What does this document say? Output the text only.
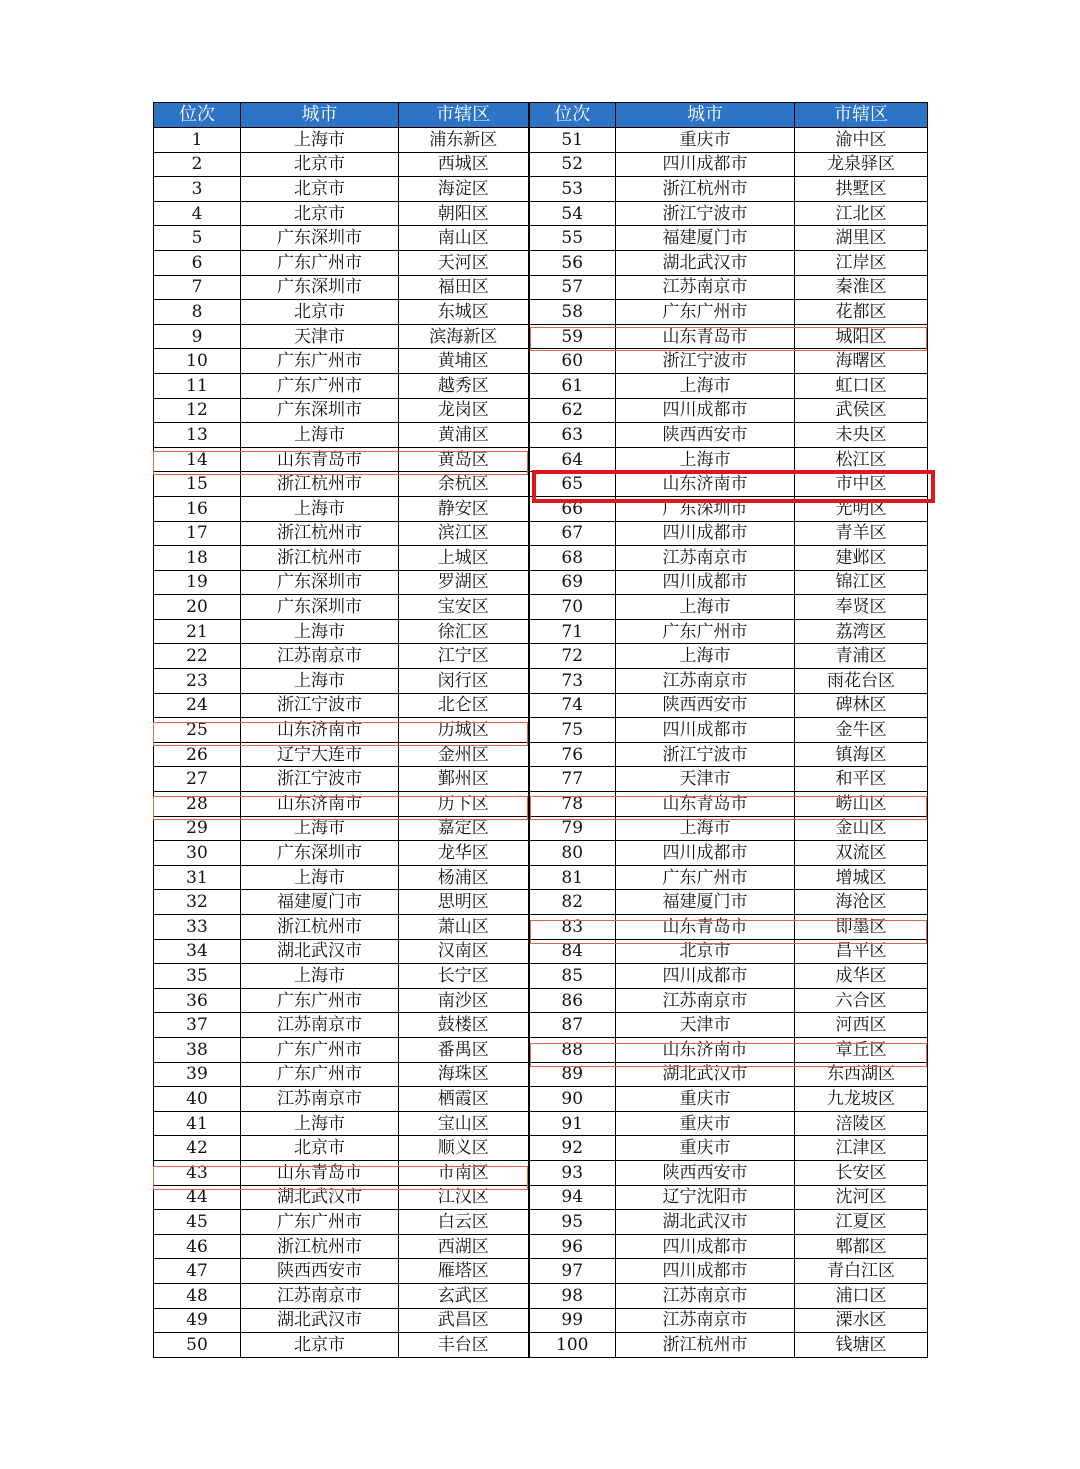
位次	城市	市辖区	位次	城市	市辖区
1	上海市	浦东新区	51	重庆市	渝中区
2	北京市	西城区	52	四川成都市	龙泉驿区
3	北京市	海淀区	53	浙江杭州市	拱墅区
4	北京市	朝阳区	54	浙江宁波市	江北区
5	广东深圳市	南山区	55	福建厦门市	湖里区
6	广东广州市	天河区	56	湖北武汉市	江岸区
7	广东深圳市	福田区	57	江苏南京市	秦淮区
8	北京市	东城区	58	广东广州市	花都区
9	天津市	滨海新区	59	山东青岛市	城阳区
10	广东广州市	黄埔区	60	浙江宁波市	海曙区
11	广东广州市	越秀区	61	上海市	虹口区
12	广东深圳市	龙岗区	62	四川成都市	武侯区
13	上海市	黄浦区	63	陕西西安市	未央区
14	山东青岛市	黄岛区	64	上海市	松江区
15	浙江杭州市	余杭区	65	山东济南市	市中区
16	上海市	静安区	66	广东深圳市	光明区
17	浙江杭州市	滨江区	67	四川成都市	青羊区
18	浙江杭州市	上城区	68	江苏南京市	建邺区
19	广东深圳市	罗湖区	69	四川成都市	锦江区
20	广东深圳市	宝安区	70	上海市	奉贤区
21	上海市	徐汇区	71	广东广州市	荔湾区
22	江苏南京市	江宁区	72	上海市	青浦区
23	上海市	闵行区	73	江苏南京市	雨花台区
24	浙江宁波市	北仑区	74	陕西西安市	碑林区
25	山东济南市	历城区	75	四川成都市	金牛区
26	辽宁大连市	金州区	76	浙江宁波市	镇海区
27	浙江宁波市	鄞州区	77	天津市	和平区
28	山东济南市	历下区	78	山东青岛市	崂山区
29	上海市	嘉定区	79	上海市	金山区
30	广东深圳市	龙华区	80	四川成都市	双流区
31	上海市	杨浦区	81	广东广州市	增城区
32	福建厦门市	思明区	82	福建厦门市	海沧区
33	浙江杭州市	萧山区	83	山东青岛市	即墨区
34	湖北武汉市	汉南区	84	北京市	昌平区
35	上海市	长宁区	85	四川成都市	成华区
36	广东广州市	南沙区	86	江苏南京市	六合区
37	江苏南京市	鼓楼区	87	天津市	河西区
38	广东广州市	番禺区	88	山东济南市	章丘区
39	广东广州市	海珠区	89	湖北武汉市	东西湖区
40	江苏南京市	栖霞区	90	重庆市	九龙坡区
41	上海市	宝山区	91	重庆市	涪陵区
42	北京市	顺义区	92	重庆市	江津区
43	山东青岛市	市南区	93	陕西西安市	长安区
44	湖北武汉市	江汉区	94	辽宁沈阳市	沈河区
45	广东广州市	白云区	95	湖北武汉市	江夏区
46	浙江杭州市	西湖区	96	四川成都市	郫都区
47	陕西西安市	雁塔区	97	四川成都市	青白江区
48	江苏南京市	玄武区	98	江苏南京市	浦口区
49	湖北武汉市	武昌区	99	江苏南京市	溧水区
50	北京市	丰台区	100	浙江杭州市	钱塘区
